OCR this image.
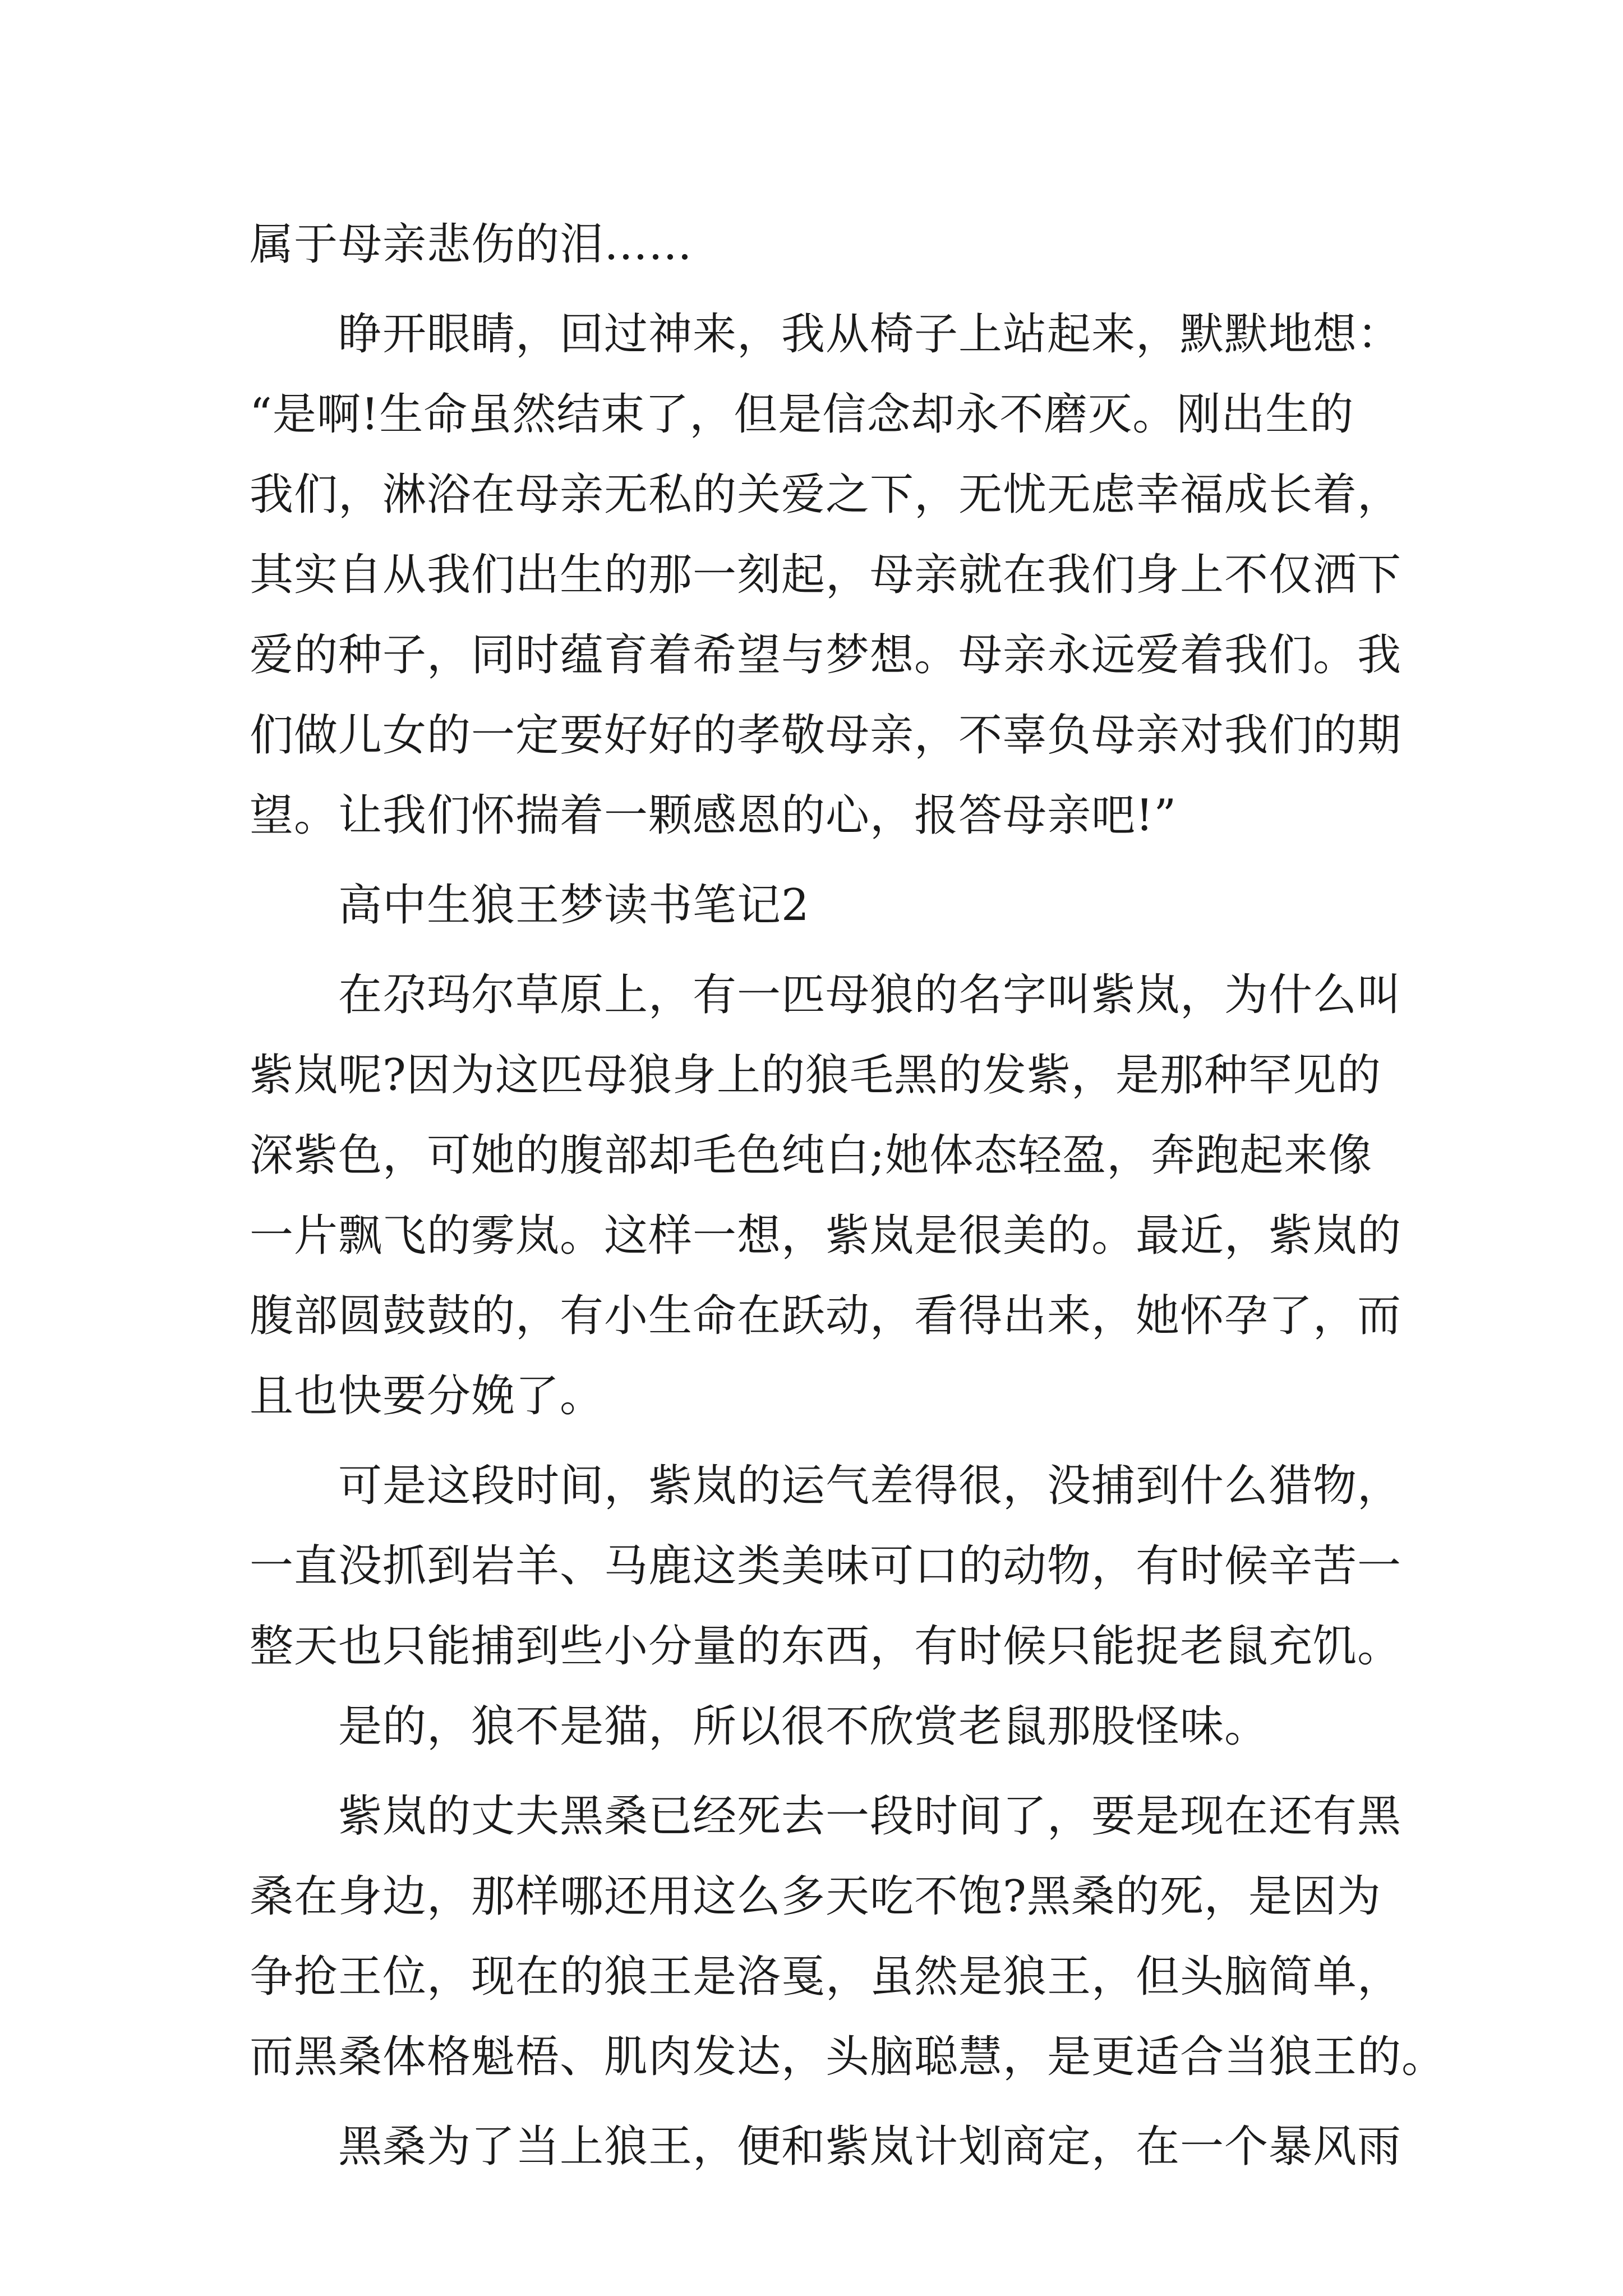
属于母亲悲伤的泪……
　　睁开眼睛，回过神来，我从椅子上站起来，默默地想：
“是啊!生命虽然结束了，但是信念却永不磨灭。刚出生的
我们，淋浴在母亲无私的关爱之下，无忧无虑幸福成长着，
其实自从我们出生的那一刻起，母亲就在我们身上不仅洒下
爱的种子，同时蕴育着希望与梦想。母亲永远爱着我们。我
们做儿女的一定要好好的孝敬母亲，不辜负母亲对我们的期
望。让我们怀揣着一颗感恩的心，报答母亲吧!”
　　高中生狼王梦读书笔记2
　　在尕玛尔草原上，有一匹母狼的名字叫紫岚，为什么叫
紫岚呢?因为这匹母狼身上的狼毛黑的发紫，是那种罕见的
深紫色，可她的腹部却毛色纯白;她体态轻盈，奔跑起来像
一片飘飞的雾岚。这样一想，紫岚是很美的。最近，紫岚的
腹部圆鼓鼓的，有小生命在跃动，看得出来，她怀孕了，而
且也快要分娩了。
　　可是这段时间，紫岚的运气差得很，没捕到什么猎物，
一直没抓到岩羊、马鹿这类美味可口的动物，有时候辛苦一
整天也只能捕到些小分量的东西，有时候只能捉老鼠充饥。
　　是的，狼不是猫，所以很不欣赏老鼠那股怪味。
　　紫岚的丈夫黑桑已经死去一段时间了，要是现在还有黑
桑在身边，那样哪还用这么多天吃不饱?黑桑的死，是因为
争抢王位，现在的狼王是洛戛，虽然是狼王，但头脑简单，
而黑桑体格魁梧、肌肉发达，头脑聪慧，是更适合当狼王的。
　　黑桑为了当上狼王，便和紫岚计划商定，在一个暴风雨
